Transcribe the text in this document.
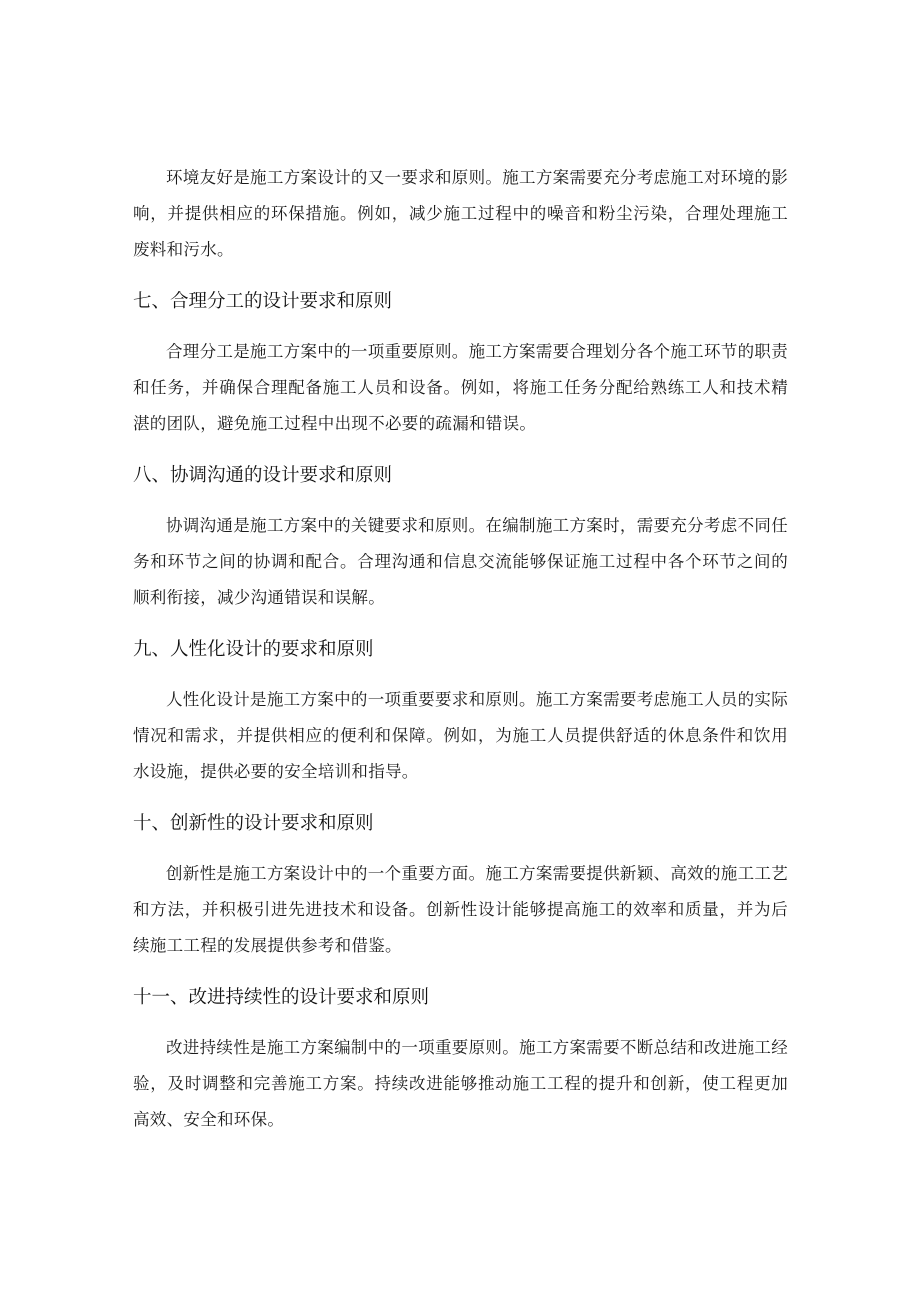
环境友好是施工方案设计的又一要求和原则。施工方案需要充分考虑施工对环境的影响，并提供相应的环保措施。例如，减少施工过程中的噪音和粉尘污染，合理处理施工废料和污水。

七、合理分工的设计要求和原则

合理分工是施工方案中的一项重要原则。施工方案需要合理划分各个施工环节的职责和任务，并确保合理配备施工人员和设备。例如，将施工任务分配给熟练工人和技术精湛的团队，避免施工过程中出现不必要的疏漏和错误。

八、协调沟通的设计要求和原则

协调沟通是施工方案中的关键要求和原则。在编制施工方案时，需要充分考虑不同任务和环节之间的协调和配合。合理沟通和信息交流能够保证施工过程中各个环节之间的顺利衔接，减少沟通错误和误解。

九、人性化设计的要求和原则

人性化设计是施工方案中的一项重要要求和原则。施工方案需要考虑施工人员的实际情况和需求，并提供相应的便利和保障。例如，为施工人员提供舒适的休息条件和饮用水设施，提供必要的安全培训和指导。

十、创新性的设计要求和原则

创新性是施工方案设计中的一个重要方面。施工方案需要提供新颖、高效的施工工艺和方法，并积极引进先进技术和设备。创新性设计能够提高施工的效率和质量，并为后续施工工程的发展提供参考和借鉴。

十一、改进持续性的设计要求和原则

改进持续性是施工方案编制中的一项重要原则。施工方案需要不断总结和改进施工经验，及时调整和完善施工方案。持续改进能够推动施工工程的提升和创新，使工程更加高效、安全和环保。
